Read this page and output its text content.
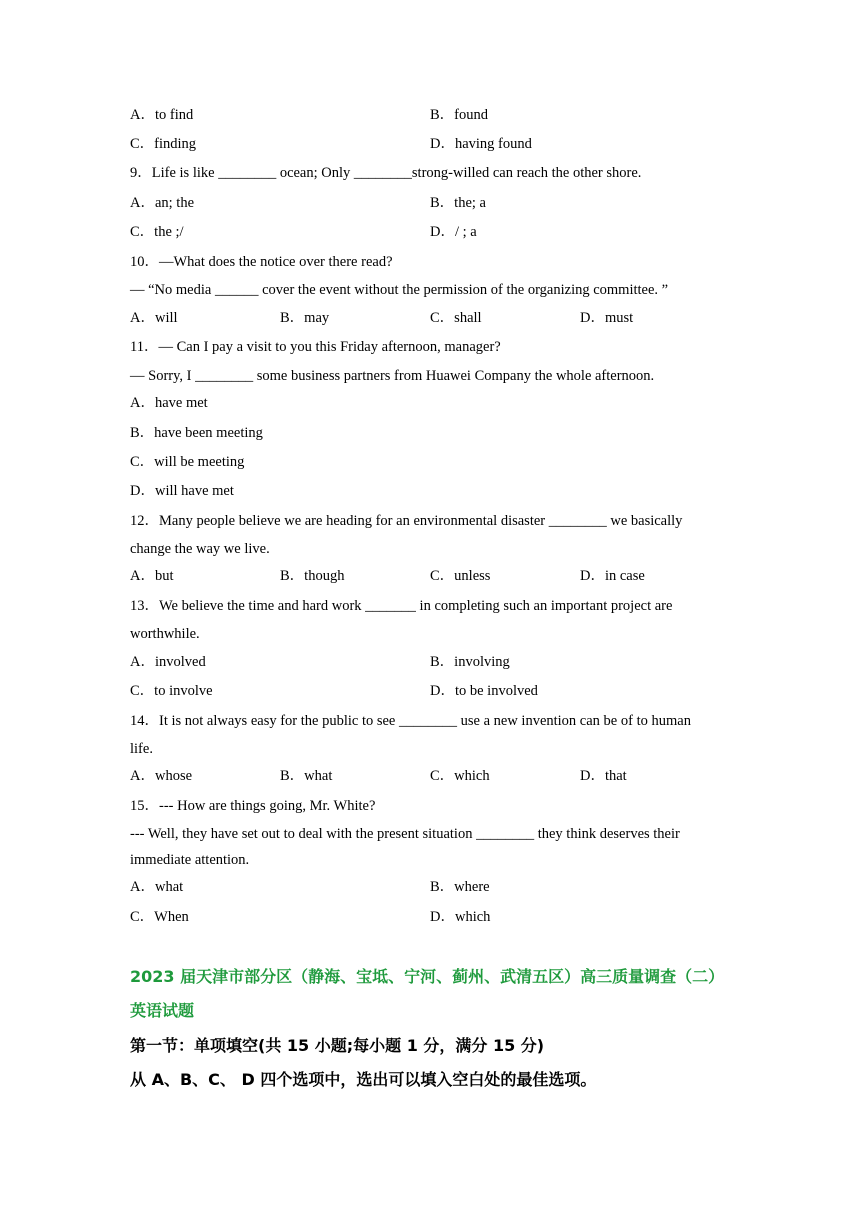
A．to find	B．found
C．finding	D．having found
9．Life is like ________ ocean; Only ________strong-willed can reach the other shore.
A．an; the	B．the; a
C．the ;/	D．/ ; a
10．—What does the notice over there read?
— “No media ______ cover the event without the permission of the organizing committee. ”
A．will	B．may	C．shall	D．must
11．— Can I pay a visit to you this Friday afternoon, manager?
— Sorry, I ________ some business partners from Huawei Company the whole afternoon.
A．have met
B．have been meeting
C．will be meeting
D．will have met
12．Many people believe we are heading for an environmental disaster ________ we basically
change the way we live.
A．but	B．though	C．unless	D．in case
13．We believe the time and hard work _______ in completing such an important project are
worthwhile.
A．involved	B．involving
C．to involve	D．to be involved
14．It is not always easy for the public to see ________ use a new invention can be of to human
life.
A．whose	B．what	C．which	D．that
15．--- How are things going, Mr. White?
--- Well, they have set out to deal with the present situation ________ they think deserves their
immediate attention.
A．what	B．where
C．When	D．which
2023 届天津市部分区（静海、宝坻、宁河、蓟州、武清五区）高三质量调查（二）
英语试题
第一节：单项填空(共 15 小题;每小题 1 分，满分 15 分)
从 A、B、C、 D 四个选项中，选出可以填入空白处的最佳选项。
